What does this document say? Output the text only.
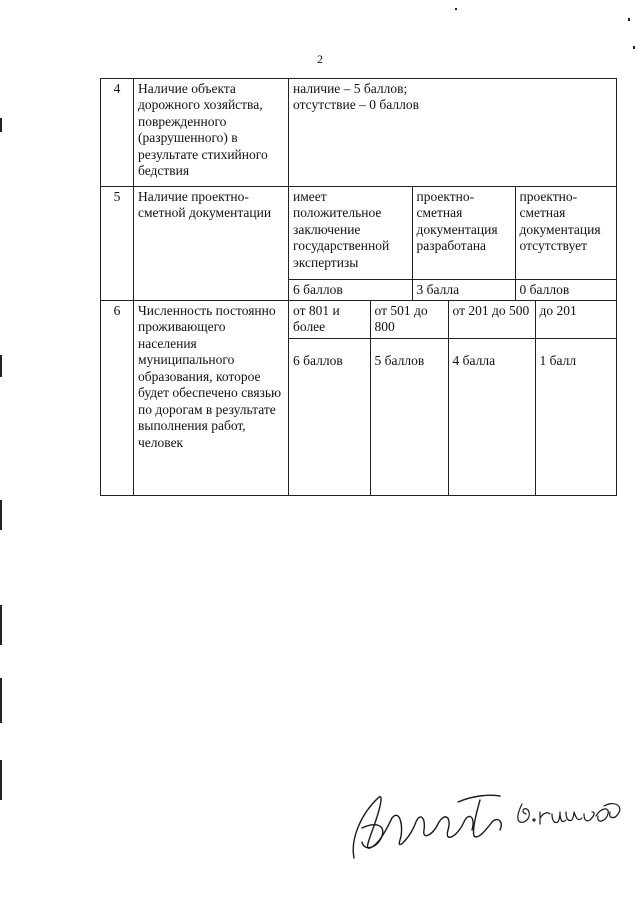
2
4	Наличие объекта дорожного хозяйства, поврежденного (разрушенного) в результате стихийного бедствия	
наличие – 5 баллов;
отсутствие – 0 баллов

5	Наличие проектно-сметной документации	
имеет положительное заключение государственной экспертизы	проектно-сметная документация разработана	проектно-сметная документация отсутствует
6 баллов	3 балла	0 баллов

6	Численность постоянно проживающего населения муниципального образования, которое будет обеспечено связью по дорогам в результате выполнения работ, человек	
от 801 и более	от 501 до 800	от 201 до 500	до 201
6 баллов	5 баллов	4 балла	1 балл
